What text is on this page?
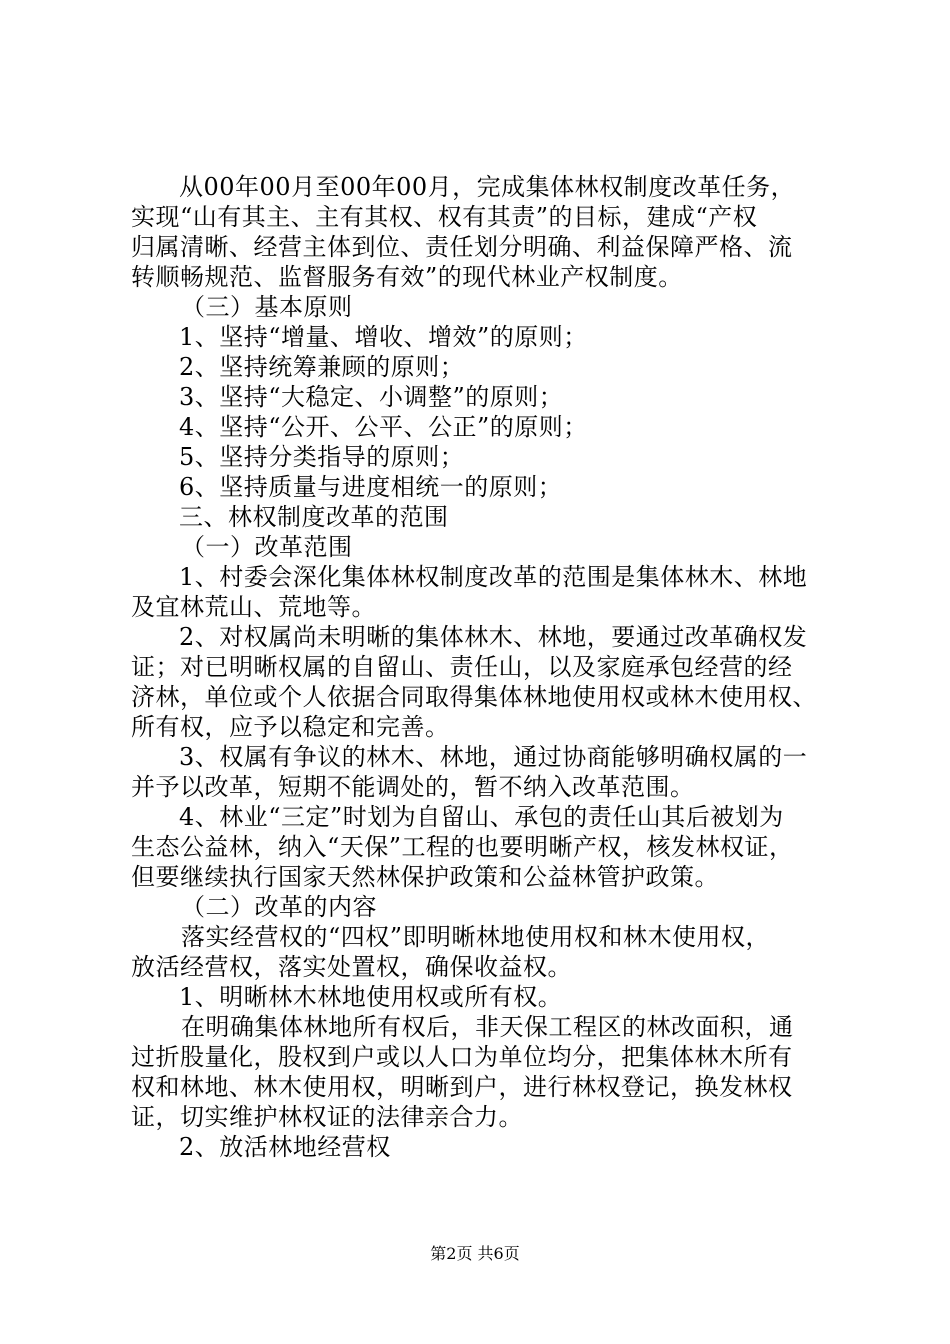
从00年00月至00年00月，完成集体林权制度改革任务，
实现“山有其主、主有其权、权有其责”的目标，建成“产权
归属清晰、经营主体到位、责任划分明确、利益保障严格、流
转顺畅规范、监督服务有效”的现代林业产权制度。
（三）基本原则
1、坚持“增量、增收、增效”的原则；
2、坚持统筹兼顾的原则；
3、坚持“大稳定、小调整”的原则；
4、坚持“公开、公平、公正”的原则；
5、坚持分类指导的原则；
6、坚持质量与进度相统一的原则；
三、林权制度改革的范围
（一）改革范围
1、村委会深化集体林权制度改革的范围是集体林木、林地
及宜林荒山、荒地等。
2、对权属尚未明晰的集体林木、林地，要通过改革确权发
证；对已明晰权属的自留山、责任山，以及家庭承包经营的经
济林，单位或个人依据合同取得集体林地使用权或林木使用权、
所有权，应予以稳定和完善。
3、权属有争议的林木、林地，通过协商能够明确权属的一
并予以改革，短期不能调处的，暂不纳入改革范围。
4、林业“三定”时划为自留山、承包的责任山其后被划为
生态公益林，纳入“天保”工程的也要明晰产权，核发林权证，
但要继续执行国家天然林保护政策和公益林管护政策。
（二）改革的内容
落实经营权的“四权”即明晰林地使用权和林木使用权，
放活经营权，落实处置权，确保收益权。
1、明晰林木林地使用权或所有权。
在明确集体林地所有权后，非天保工程区的林改面积，通
过折股量化，股权到户或以人口为单位均分，把集体林木所有
权和林地、林木使用权，明晰到户，进行林权登记，换发林权
证，切实维护林权证的法律亲合力。
2、放活林地经营权
第2页 共6页
